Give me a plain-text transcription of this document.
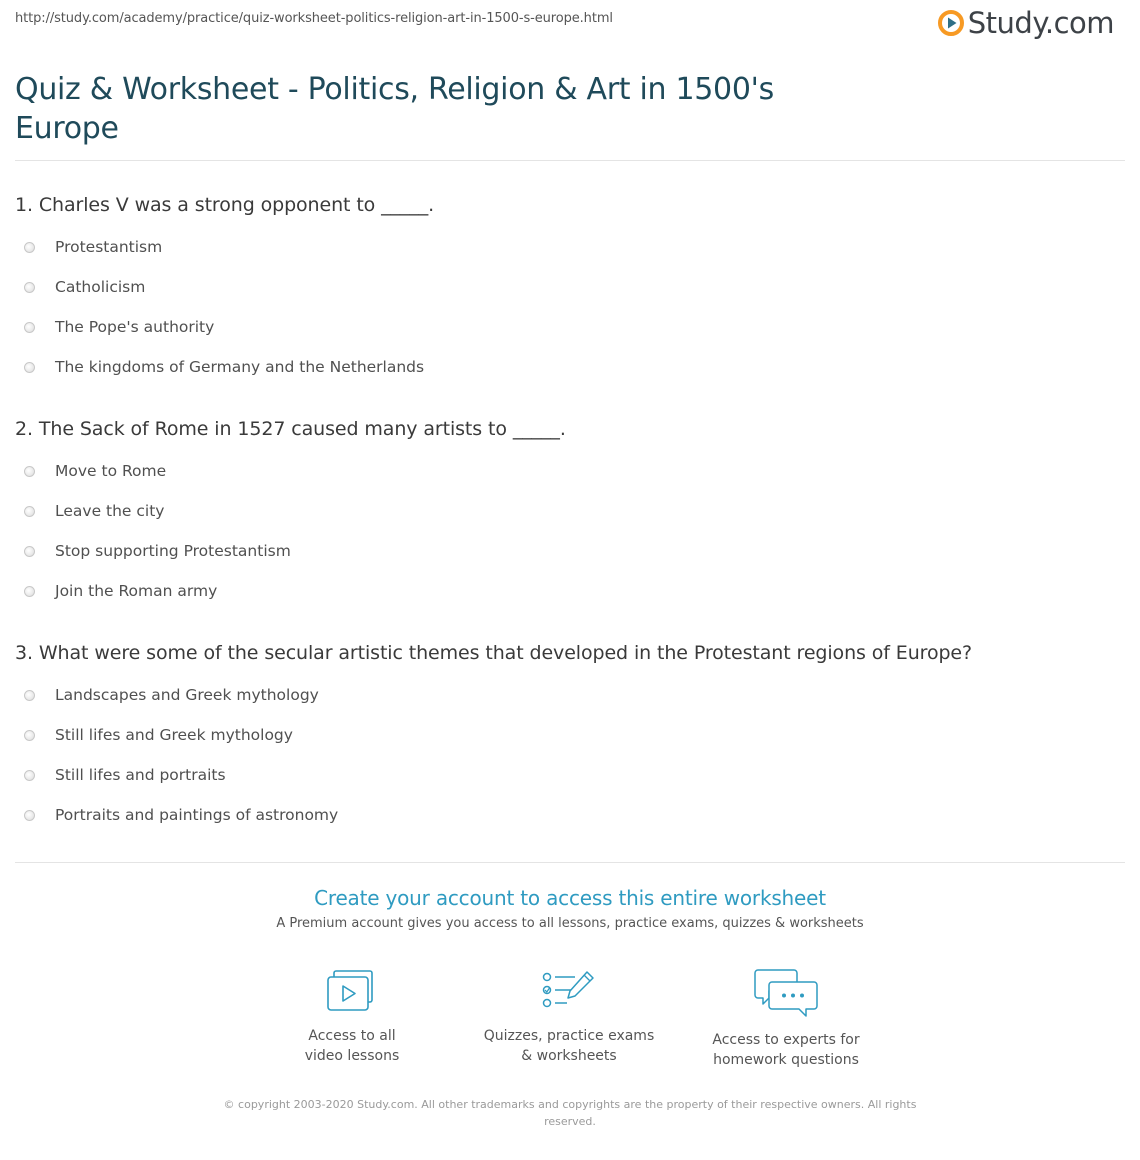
http://study.com/academy/practice/quiz-worksheet-politics-religion-art-in-1500-s-europe.html	Study.com
Quiz & Worksheet - Politics, Religion & Art in 1500's Europe
1. Charles V was a strong opponent to _____.
Protestantism
Catholicism
The Pope's authority
The kingdoms of Germany and the Netherlands
2. The Sack of Rome in 1527 caused many artists to _____.
Move to Rome
Leave the city
Stop supporting Protestantism
Join the Roman army
3. What were some of the secular artistic themes that developed in the Protestant regions of Europe?
Landscapes and Greek mythology
Still lifes and Greek mythology
Still lifes and portraits
Portraits and paintings of astronomy
Create your account to access this entire worksheet
A Premium account gives you access to all lessons, practice exams, quizzes & worksheets
Access to all
video lessons
Quizzes, practice exams
& worksheets
Access to experts for
homework questions
© copyright 2003-2020 Study.com. All other trademarks and copyrights are the property of their respective owners. All rights reserved.
